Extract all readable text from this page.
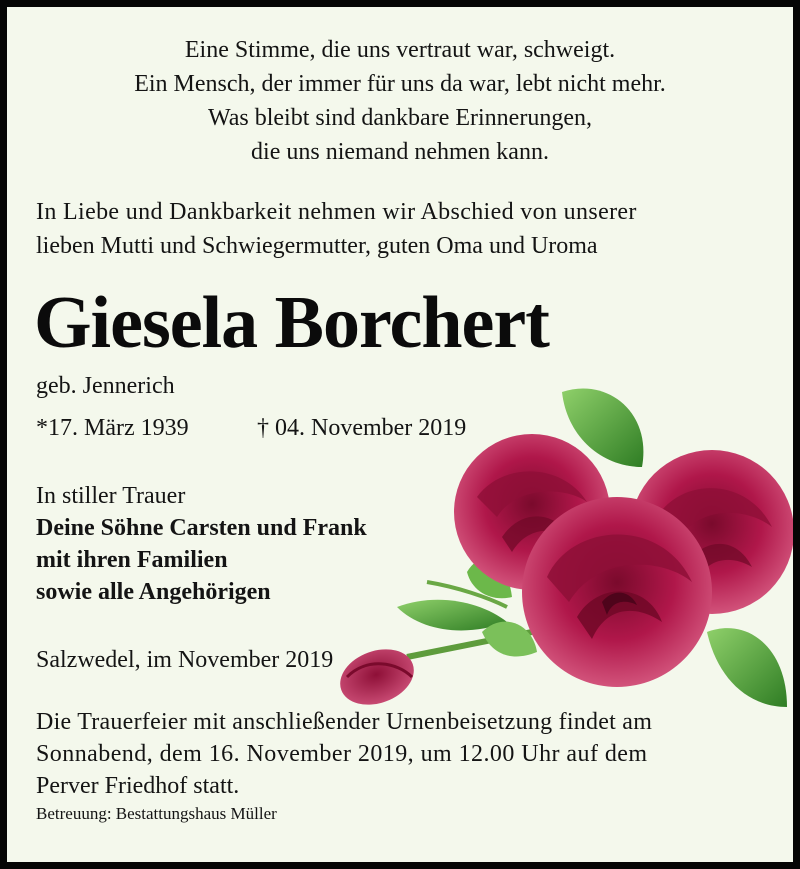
Eine Stimme, die uns vertraut war, schweigt.

Ein Mensch, der immer für uns da war, lebt nicht mehr.

Was bleibt sind dankbare Erinnerungen,

die uns niemand nehmen kann.

In Liebe und Dankbarkeit nehmen wir Abschied von unserer

lieben Mutti und Schwiegermutter, guten Oma und Uroma

Giesela Borchert

geb. Jennerich

*17. März 1939	† 04. November 2019

In stiller Trauer

Deine Söhne Carsten und Frank

mit ihren Familien

sowie alle Angehörigen

Salzwedel, im November 2019

Die Trauerfeier mit anschließender Urnenbeisetzung findet am

Sonnabend, dem 16. November 2019, um 12.00 Uhr auf dem

Perver Friedhof statt.

Betreuung: Bestattungshaus Müller
